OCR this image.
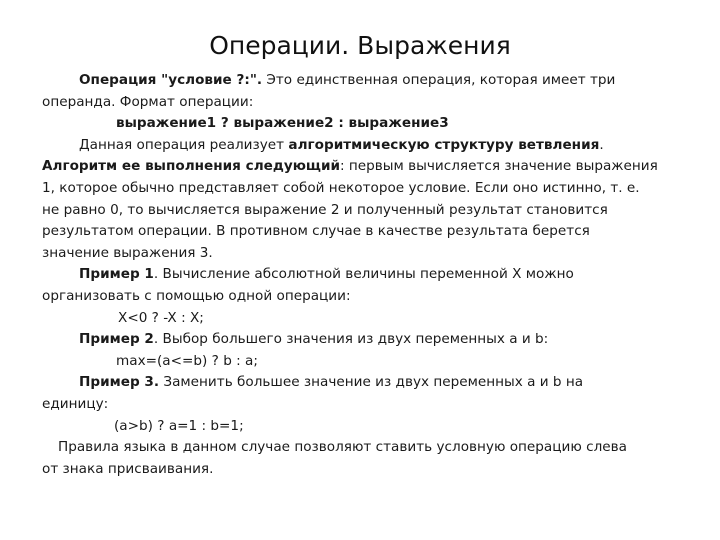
Операции. Выражения
Операция "условие ?:". Это единственная операция, которая имеет три
операнда. Формат операции:
выражение1 ? выражение2 : выражение3
Данная операция реализует алгоритмическую структуру ветвления.
Алгоритм ее выполнения следующий: первым вычисляется значение выражения
1, которое обычно представляет собой некоторое условие. Если оно истинно, т. е.
не равно 0, то вычисляется выражение 2 и полученный результат становится
результатом операции. В противном случае в качестве результата берется
значение выражения 3.
Пример 1. Вычисление абсолютной величины переменной X можно
организовать с помощью одной операции:
X<0 ? -X : X;
Пример 2. Выбор большего значения из двух переменных a и b:
max=(a<=b) ? b : a;
Пример 3. Заменить большее значение из двух переменных a и b на
единицу:
(a>b) ? a=1 : b=1;
Правила языка в данном случае позволяют ставить условную операцию слева
от знака присваивания.
